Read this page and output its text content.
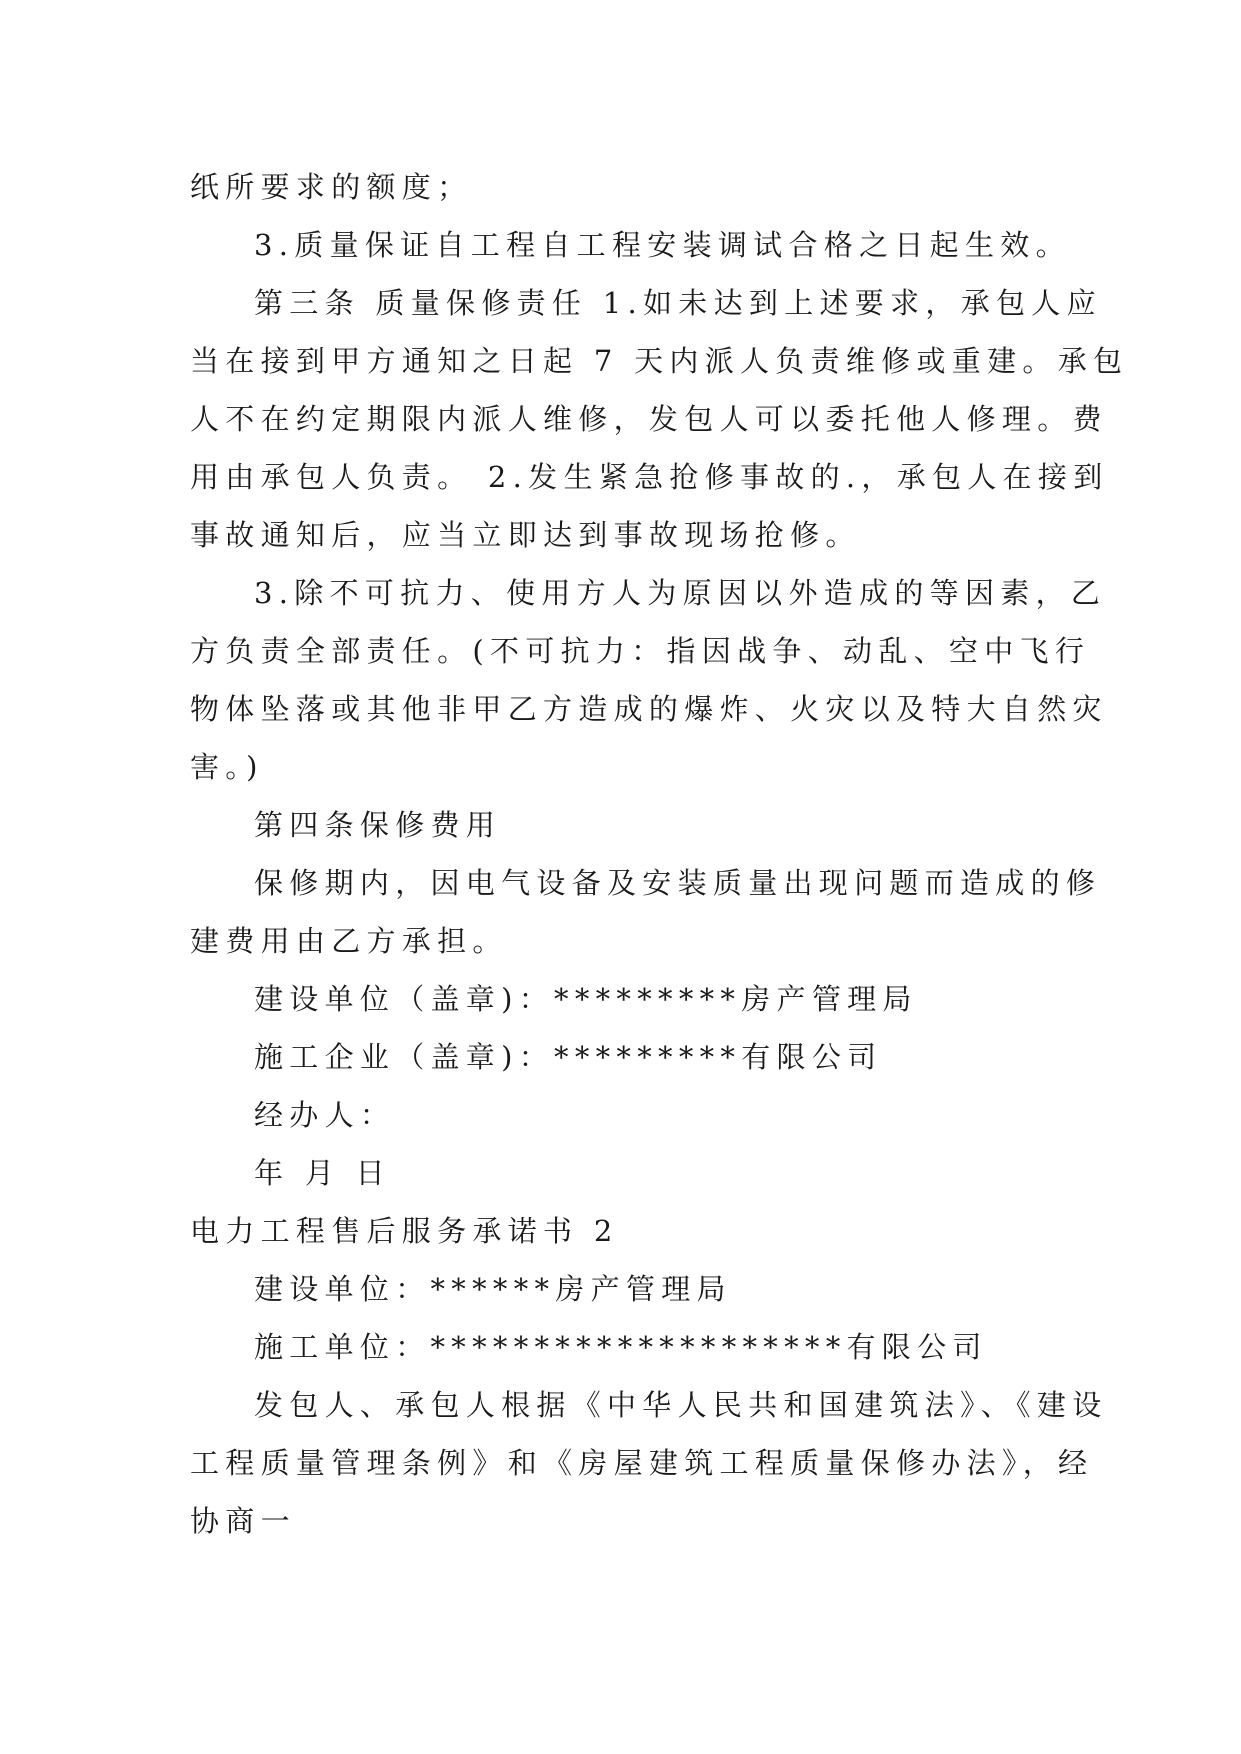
纸所要求的额度；
3.质量保证自工程自工程安装调试合格之日起生效。
第三条 质量保修责任 1.如未达到上述要求，承包人应
当在接到甲方通知之日起 7 天内派人负责维修或重建。承包
人不在约定期限内派人维修，发包人可以委托他人修理。费
用由承包人负责。 2.发生紧急抢修事故的.，承包人在接到
事故通知后，应当立即达到事故现场抢修。
3.除不可抗力、使用方人为原因以外造成的等因素，乙
方负责全部责任。(不可抗力：指因战争、动乱、空中飞行
物体坠落或其他非甲乙方造成的爆炸、火灾以及特大自然灾
害。)
第四条保修费用
保修期内，因电气设备及安装质量出现问题而造成的修
建费用由乙方承担。
建设单位（盖章)：*********房产管理局
施工企业（盖章)：*********有限公司
经办人：
年 月 日
电力工程售后服务承诺书 2
建设单位：******房产管理局
施工单位：********************有限公司
发包人、承包人根据《中华人民共和国建筑法》、《建设
工程质量管理条例》和《房屋建筑工程质量保修办法》，经
协商一
